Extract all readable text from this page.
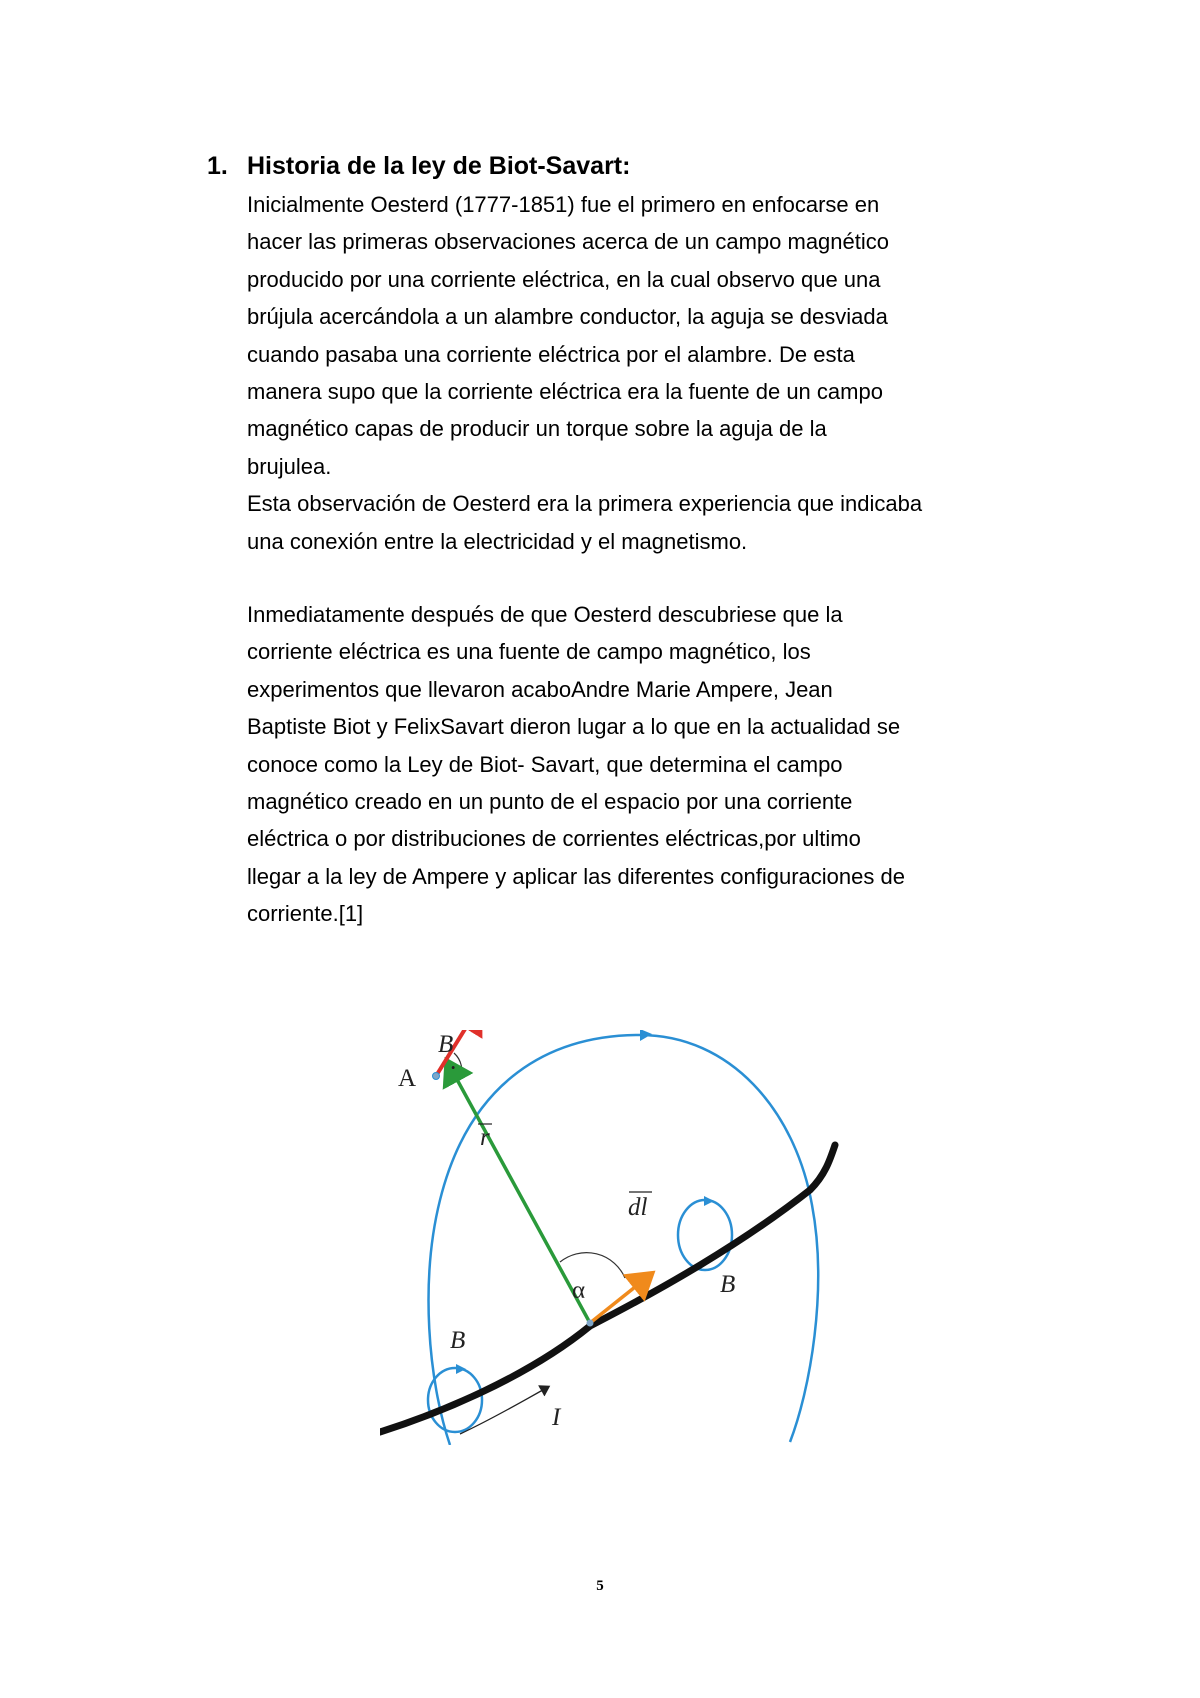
1. Historia de la ley de Biot-Savart:
Inicialmente Oesterd (1777-1851) fue el primero en enfocarse en
hacer las primeras observaciones acerca de un campo magnético
producido por una corriente eléctrica, en la cual observo que una
brújula acercándola a un alambre conductor, la aguja se desviada
cuando pasaba una corriente eléctrica por el alambre. De esta
manera supo que la corriente eléctrica era la fuente de un campo
magnético capas de producir un torque sobre la aguja de la
brujulea.
Esta observación de Oesterd era la primera experiencia que indicaba
una conexión entre la electricidad y el magnetismo.
Inmediatamente después de que Oesterd descubriese que la
corriente eléctrica es una fuente de campo magnético, los
experimentos que llevaron acaboAndre Marie Ampere, Jean
Baptiste Biot y FelixSavart dieron lugar a lo que en la actualidad se
conoce como la Ley de Biot- Savart, que determina el campo
magnético creado en un punto de el espacio por una corriente
eléctrica o por distribuciones de corrientes eléctricas,por ultimo
llegar a la ley de Ampere y aplicar las diferentes configuraciones de
corriente.[1]
B
A ·
r
dl
α	B
B
I
5
